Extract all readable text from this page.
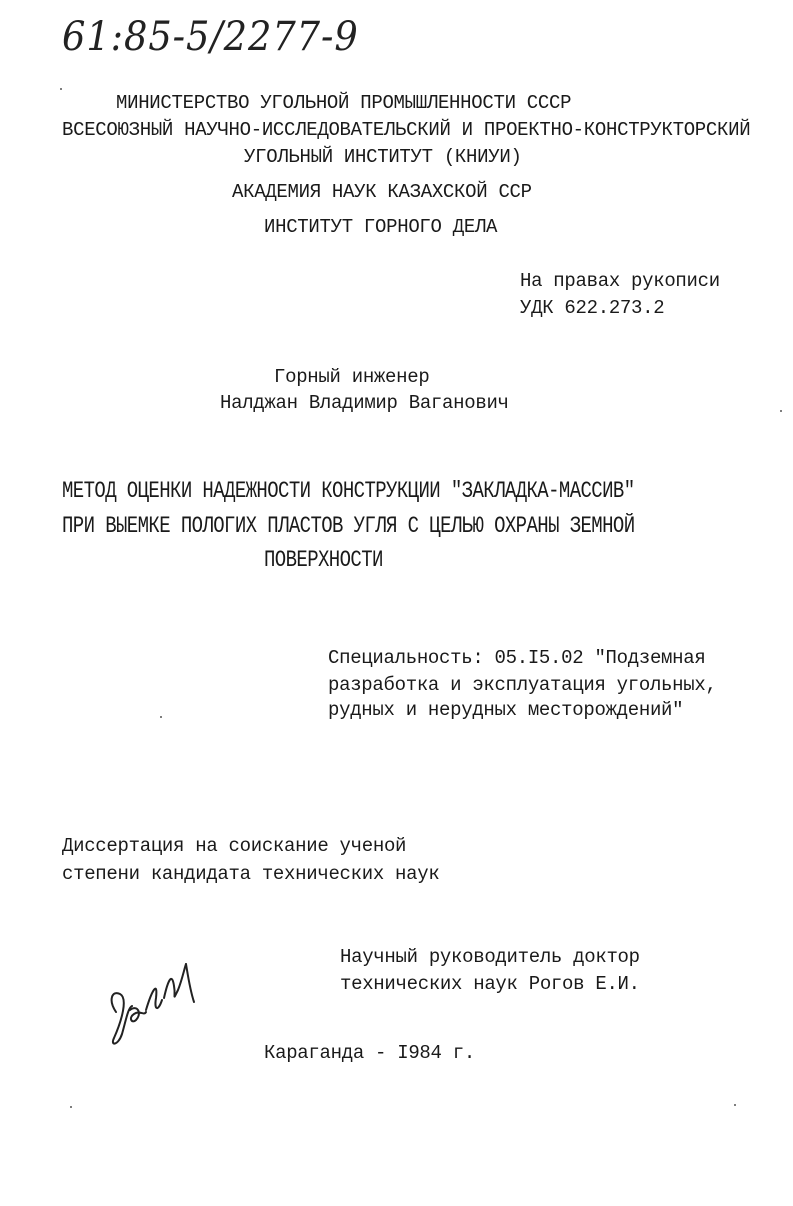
61:85-5/2277-9
МИНИСТЕРСТВО УГОЛЬНОЙ ПРОМЫШЛЕННОСТИ СССР
ВСЕСОЮЗНЫЙ НАУЧНО-ИССЛЕДОВАТЕЛЬСКИЙ И ПРОЕКТНО-КОНСТРУКТОРСКИЙ
УГОЛЬНЫЙ ИНСТИТУТ (КНИУИ)
АКАДЕМИЯ НАУК КАЗАХСКОЙ ССР
ИНСТИТУТ ГОРНОГО ДЕЛА
На правах рукописи
УДК 622.273.2
Горный инженер
Налджан Владимир Ваганович
МЕТОД ОЦЕНКИ НАДЕЖНОСТИ КОНСТРУКЦИИ "ЗАКЛАДКА-МАССИВ"
ПРИ ВЫЕМКЕ ПОЛОГИХ ПЛАСТОВ УГЛЯ С ЦЕЛЬЮ ОХРАНЫ ЗЕМНОЙ
ПОВЕРХНОСТИ
Специальность: 05.I5.02 "Подземная
разработка и эксплуатация угольных,
рудных и нерудных месторождений"
Диссертация на соискание ученой
степени кандидата технических наук
Научный руководитель доктор
технических наук Рогов Е.И.
Караганда - I984 г.
